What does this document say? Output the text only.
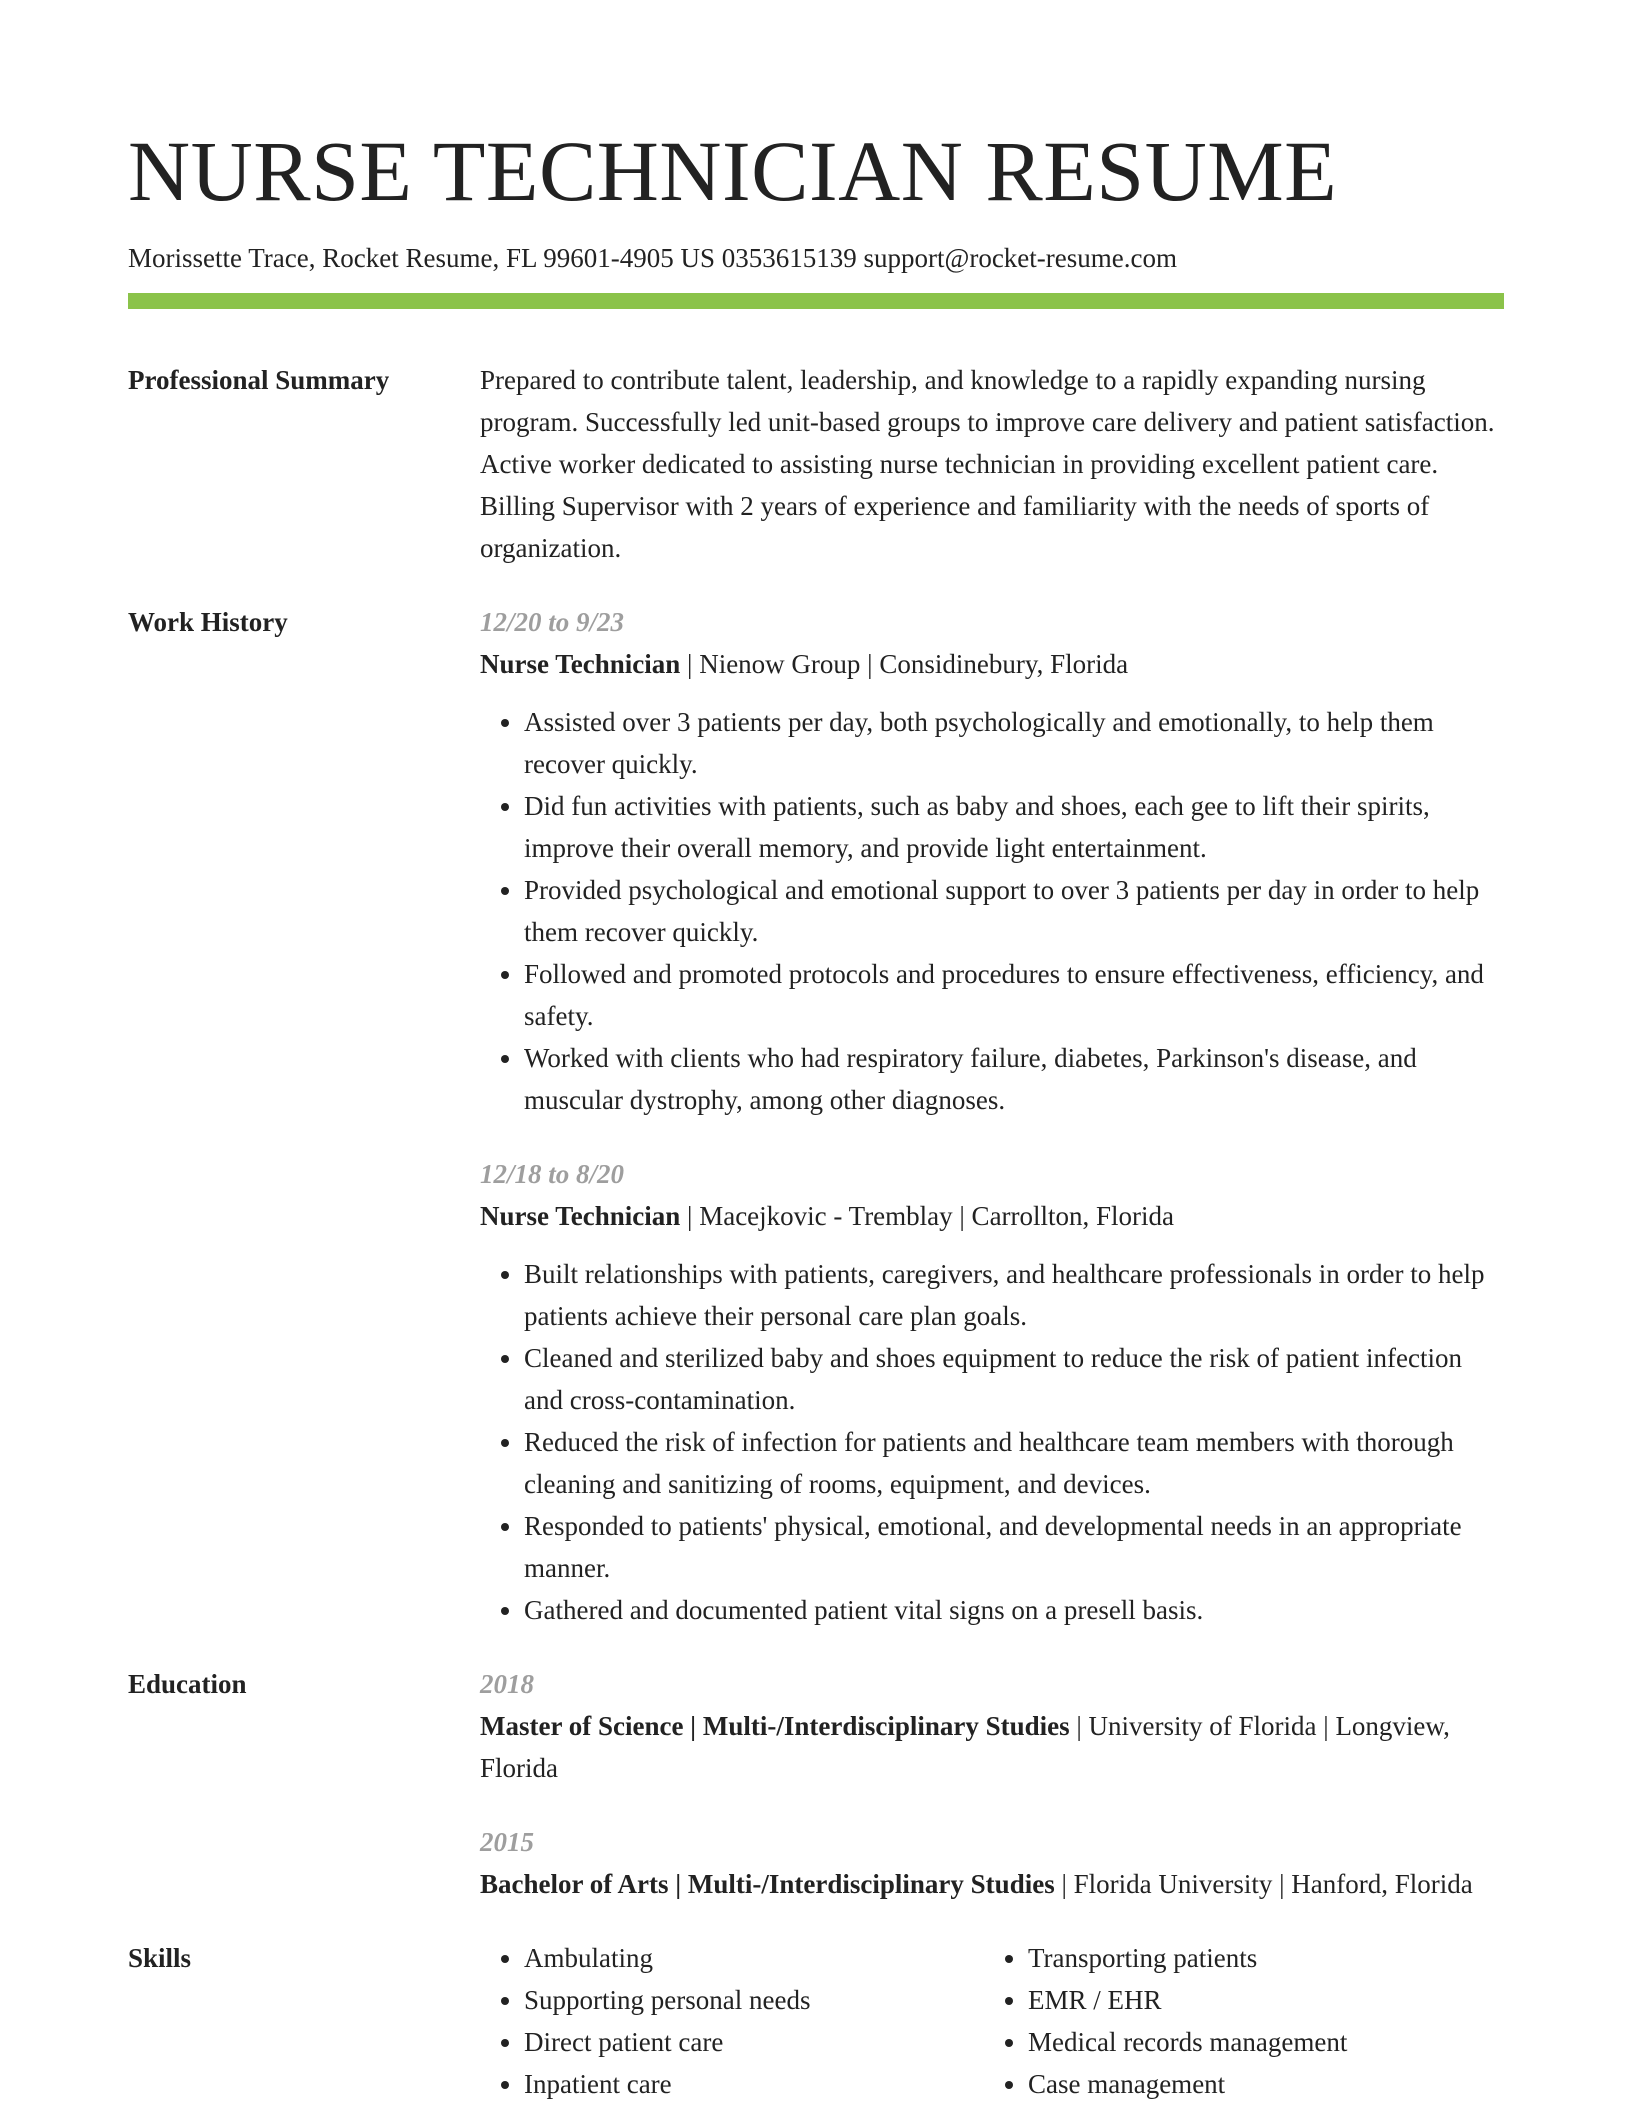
NURSE TECHNICIAN RESUME
Morissette Trace, Rocket Resume, FL 99601-4905 US 0353615139 support@rocket-resume.com
Professional Summary	Prepared to contribute talent, leadership, and knowledge to a rapidly expanding nursing program. Successfully led unit-based groups to improve care delivery and patient satisfaction. Active worker dedicated to assisting nurse technician in providing excellent patient care. Billing Supervisor with 2 years of experience and familiarity with the needs of sports of organization.
Work History	12/20 to 9/23
Nurse Technician | Nienow Group | Considinebury, Florida
• Assisted over 3 patients per day, both psychologically and emotionally, to help them recover quickly.
• Did fun activities with patients, such as baby and shoes, each gee to lift their spirits, improve their overall memory, and provide light entertainment.
• Provided psychological and emotional support to over 3 patients per day in order to help them recover quickly.
• Followed and promoted protocols and procedures to ensure effectiveness, efficiency, and safety.
• Worked with clients who had respiratory failure, diabetes, Parkinson's disease, and muscular dystrophy, among other diagnoses.
12/18 to 8/20
Nurse Technician | Macejkovic - Tremblay | Carrollton, Florida
• Built relationships with patients, caregivers, and healthcare professionals in order to help patients achieve their personal care plan goals.
• Cleaned and sterilized baby and shoes equipment to reduce the risk of patient infection and cross-contamination.
• Reduced the risk of infection for patients and healthcare team members with thorough cleaning and sanitizing of rooms, equipment, and devices.
• Responded to patients' physical, emotional, and developmental needs in an appropriate manner.
• Gathered and documented patient vital signs on a presell basis.
Education	2018
Master of Science | Multi-/Interdisciplinary Studies | University of Florida | Longview, Florida
2015
Bachelor of Arts | Multi-/Interdisciplinary Studies | Florida University | Hanford, Florida
Skills
•	Ambulating
• Supporting personal needs
• Direct patient care
• Inpatient care
• Transporting patients
• EMR / EHR
• Medical records management
• Case management
